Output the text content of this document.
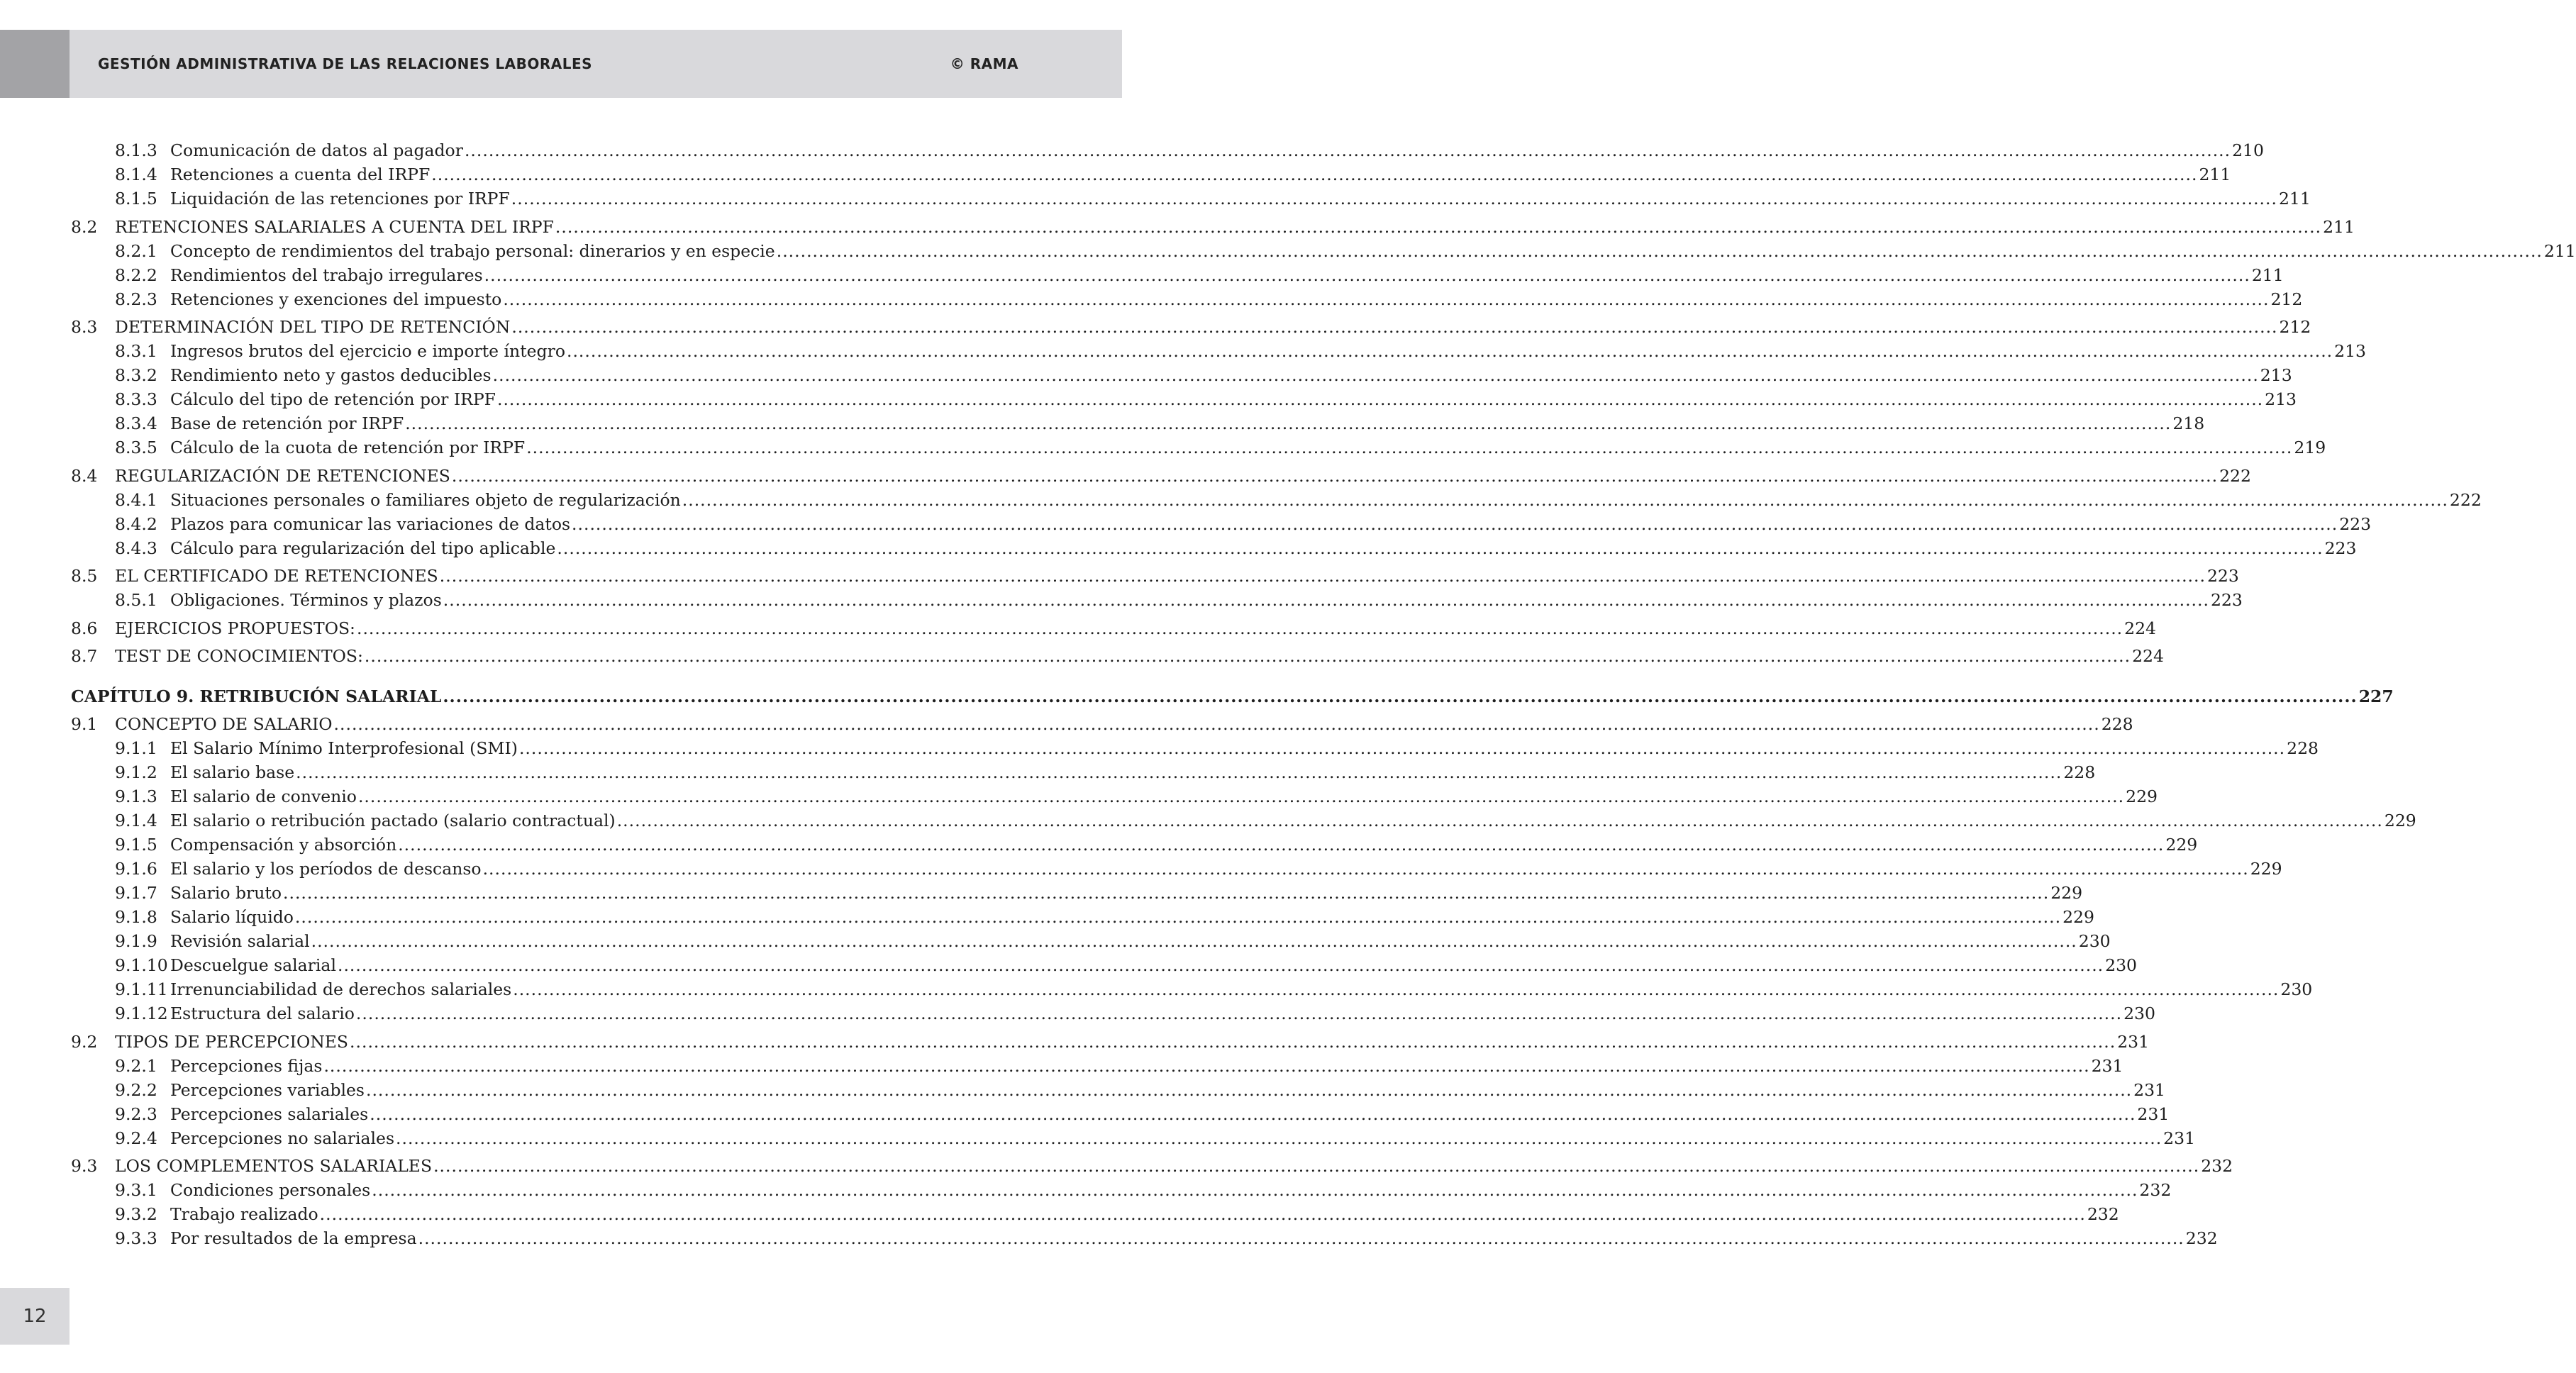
GESTIÓN ADMINISTRATIVA DE LAS RELACIONES LABORALES	© RAMA
8.1.3 Comunicación de datos al pagador .....	210
8.1.4 Retenciones a cuenta del IRPF .....	211
8.1.5 Liquidación de las retenciones por IRPF .....	211
8.2	RETENCIONES SALARIALES A CUENTA DEL IRPF .....	211
8.2.1 Concepto de rendimientos del trabajo personal: dinerarios y en especie .....	211
8.2.2 Rendimientos del trabajo irregulares .....	211
8.2.3 Retenciones y exenciones del impuesto .....	212
8.3	DETERMINACIÓN DEL TIPO DE RETENCIÓN .....	212
8.3.1 Ingresos brutos del ejercicio e importe íntegro .....	213
8.3.2 Rendimiento neto y gastos deducibles .....	213
8.3.3 Cálculo del tipo de retención por IRPF .....	213
8.3.4 Base de retención por IRPF .....	218
8.3.5 Cálculo de la cuota de retención por IRPF .....	219
8.4	REGULARIZACIÓN DE RETENCIONES .....	222
8.4.1 Situaciones personales o familiares objeto de regularización .....	222
8.4.2 Plazos para comunicar las variaciones de datos .....	223
8.4.3 Cálculo para regularización del tipo aplicable .....	223
8.5	EL CERTIFICADO DE RETENCIONES .....	223
8.5.1 Obligaciones. Términos y plazos .....	223
8.6	EJERCICIOS PROPUESTOS: .....	224
8.7	TEST DE CONOCIMIENTOS: .....	224
CAPÍTULO 9. RETRIBUCIÓN SALARIAL .....	227
9.1	CONCEPTO DE SALARIO .....	228
9.1.1 El Salario Mínimo Interprofesional (SMI) .....	228
9.1.2 El salario base .....	228
9.1.3 El salario de convenio .....	229
9.1.4 El salario o retribución pactado (salario contractual) .....	229
9.1.5 Compensación y absorción .....	229
9.1.6 El salario y los períodos de descanso .....	229
9.1.7 Salario bruto .....	229
9.1.8 Salario líquido .....	229
9.1.9 Revisión salarial .....	230
9.1.10 Descuelgue salarial .....	230
9.1.11 Irrenunciabilidad de derechos salariales .....	230
9.1.12 Estructura del salario .....	230
9.2	TIPOS DE PERCEPCIONES .....	231
9.2.1 Percepciones fijas .....	231
9.2.2 Percepciones variables .....	231
9.2.3 Percepciones salariales .....	231
9.2.4 Percepciones no salariales .....	231
9.3	LOS COMPLEMENTOS SALARIALES .....	232
9.3.1 Condiciones personales .....	232
9.3.2 Trabajo realizado .....	232
9.3.3 Por resultados de la empresa .....	232
12
